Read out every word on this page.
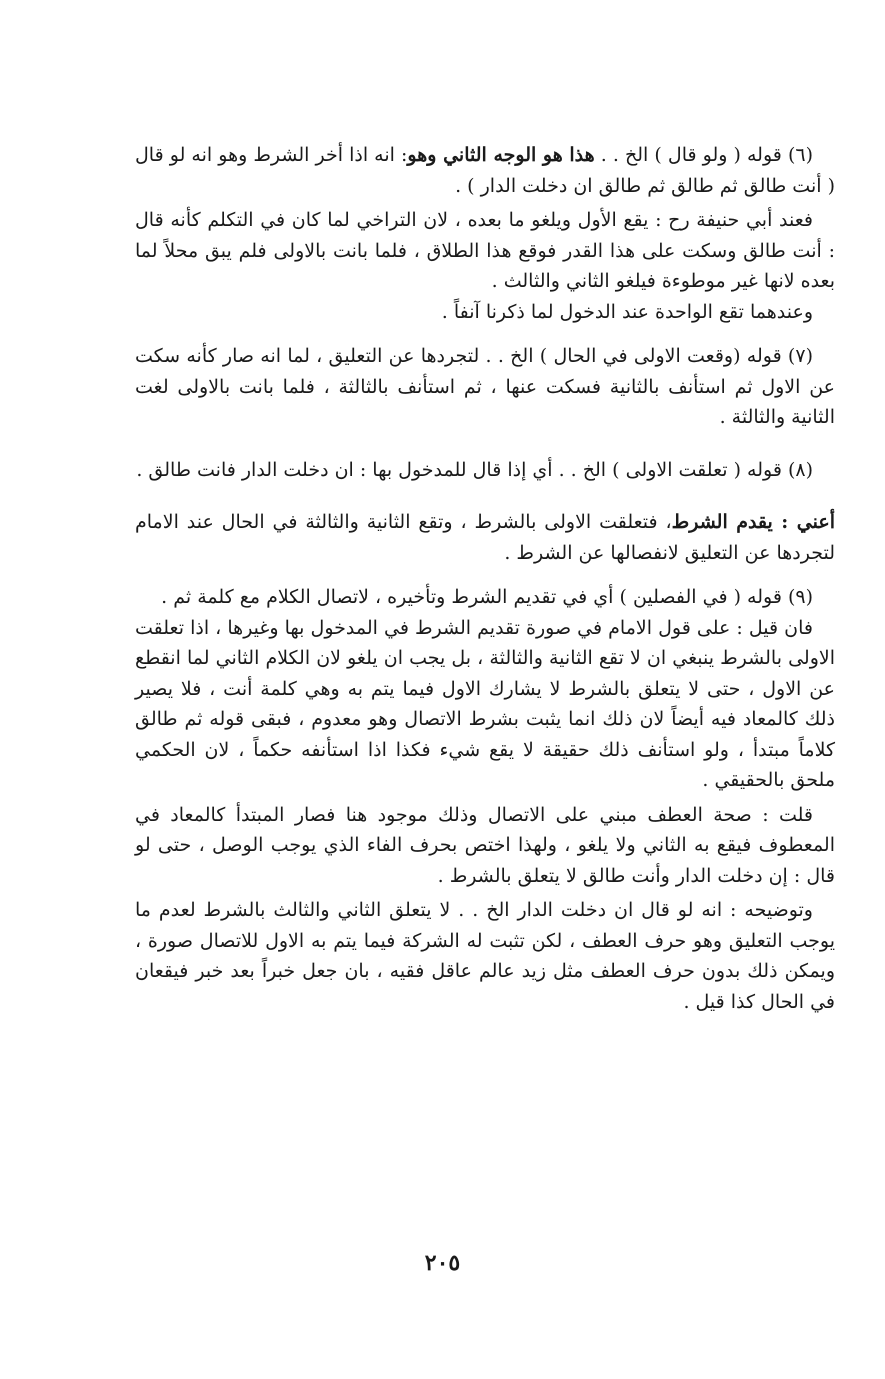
(٦) قوله ( ولو قال ) الخ . . هذا هو الوجه الثاني وهو: انه اذا أخر الشرط وهو انه لو قال ( أنت طالق ثم طالق ثم طالق ان دخلت الدار ) .

فعند أبي حنيفة رح : يقع الأول ويلغو ما بعده ، لان التراخي لما كان في التكلم كأنه قال : أنت طالق وسكت على هذا القدر فوقع هذا الطلاق ، فلما بانت بالاولى فلم يبق محلاً لما بعده لانها غير موطوءة فيلغو الثاني والثالث .

وعندهما تقع الواحدة عند الدخول لما ذكرنا آنفاً .

(٧) قوله (وقعت الاولى في الحال ) الخ . . لتجردها عن التعليق ، لما انه صار كأنه سكت عن الاول ثم استأنف بالثانية فسكت عنها ، ثم استأنف بالثالثة ، فلما بانت بالاولى لغت الثانية والثالثة .

(٨) قوله ( تعلقت الاولى ) الخ . . أي إذا قال للمدخول بها : ان دخلت الدار فانت طالق .

أعني : يقدم الشرط، فتعلقت الاولى بالشرط ، وتقع الثانية والثالثة في الحال عند الامام لتجردها عن التعليق لانفصالها عن الشرط .

(٩) قوله ( في الفصلين ) أي في تقديم الشرط وتأخيره ، لاتصال الكلام مع كلمة ثم .

فان قيل : على قول الامام في صورة تقديم الشرط في المدخول بها وغيرها ، اذا تعلقت الاولى بالشرط ينبغي ان لا تقع الثانية والثالثة ، بل يجب ان يلغو لان الكلام الثاني لما انقطع عن الاول ، حتى لا يتعلق بالشرط لا يشارك الاول فيما يتم به وهي كلمة أنت ، فلا يصير ذلك كالمعاد فيه أيضاً لان ذلك انما يثبت بشرط الاتصال وهو معدوم ، فبقى قوله ثم طالق كلاماً مبتدأ ، ولو استأنف ذلك حقيقة لا يقع شيء فكذا اذا استأنفه حكماً ، لان الحكمي ملحق بالحقيقي .

قلت : صحة العطف مبني على الاتصال وذلك موجود هنا فصار المبتدأ كالمعاد في المعطوف فيقع به الثاني ولا يلغو ، ولهذا اختص بحرف الفاء الذي يوجب الوصل ، حتى لو قال : إن دخلت الدار وأنت طالق لا يتعلق بالشرط .

وتوضيحه : انه لو قال ان دخلت الدار الخ . . لا يتعلق الثاني والثالث بالشرط لعدم ما يوجب التعليق وهو حرف العطف ، لكن تثبت له الشركة فيما يتم به الاول للاتصال صورة ، ويمكن ذلك بدون حرف العطف مثل زيد عالم عاقل فقيه ، بان جعل خبراً بعد خبر فيقعان في الحال كذا قيل .

٢٠٥
